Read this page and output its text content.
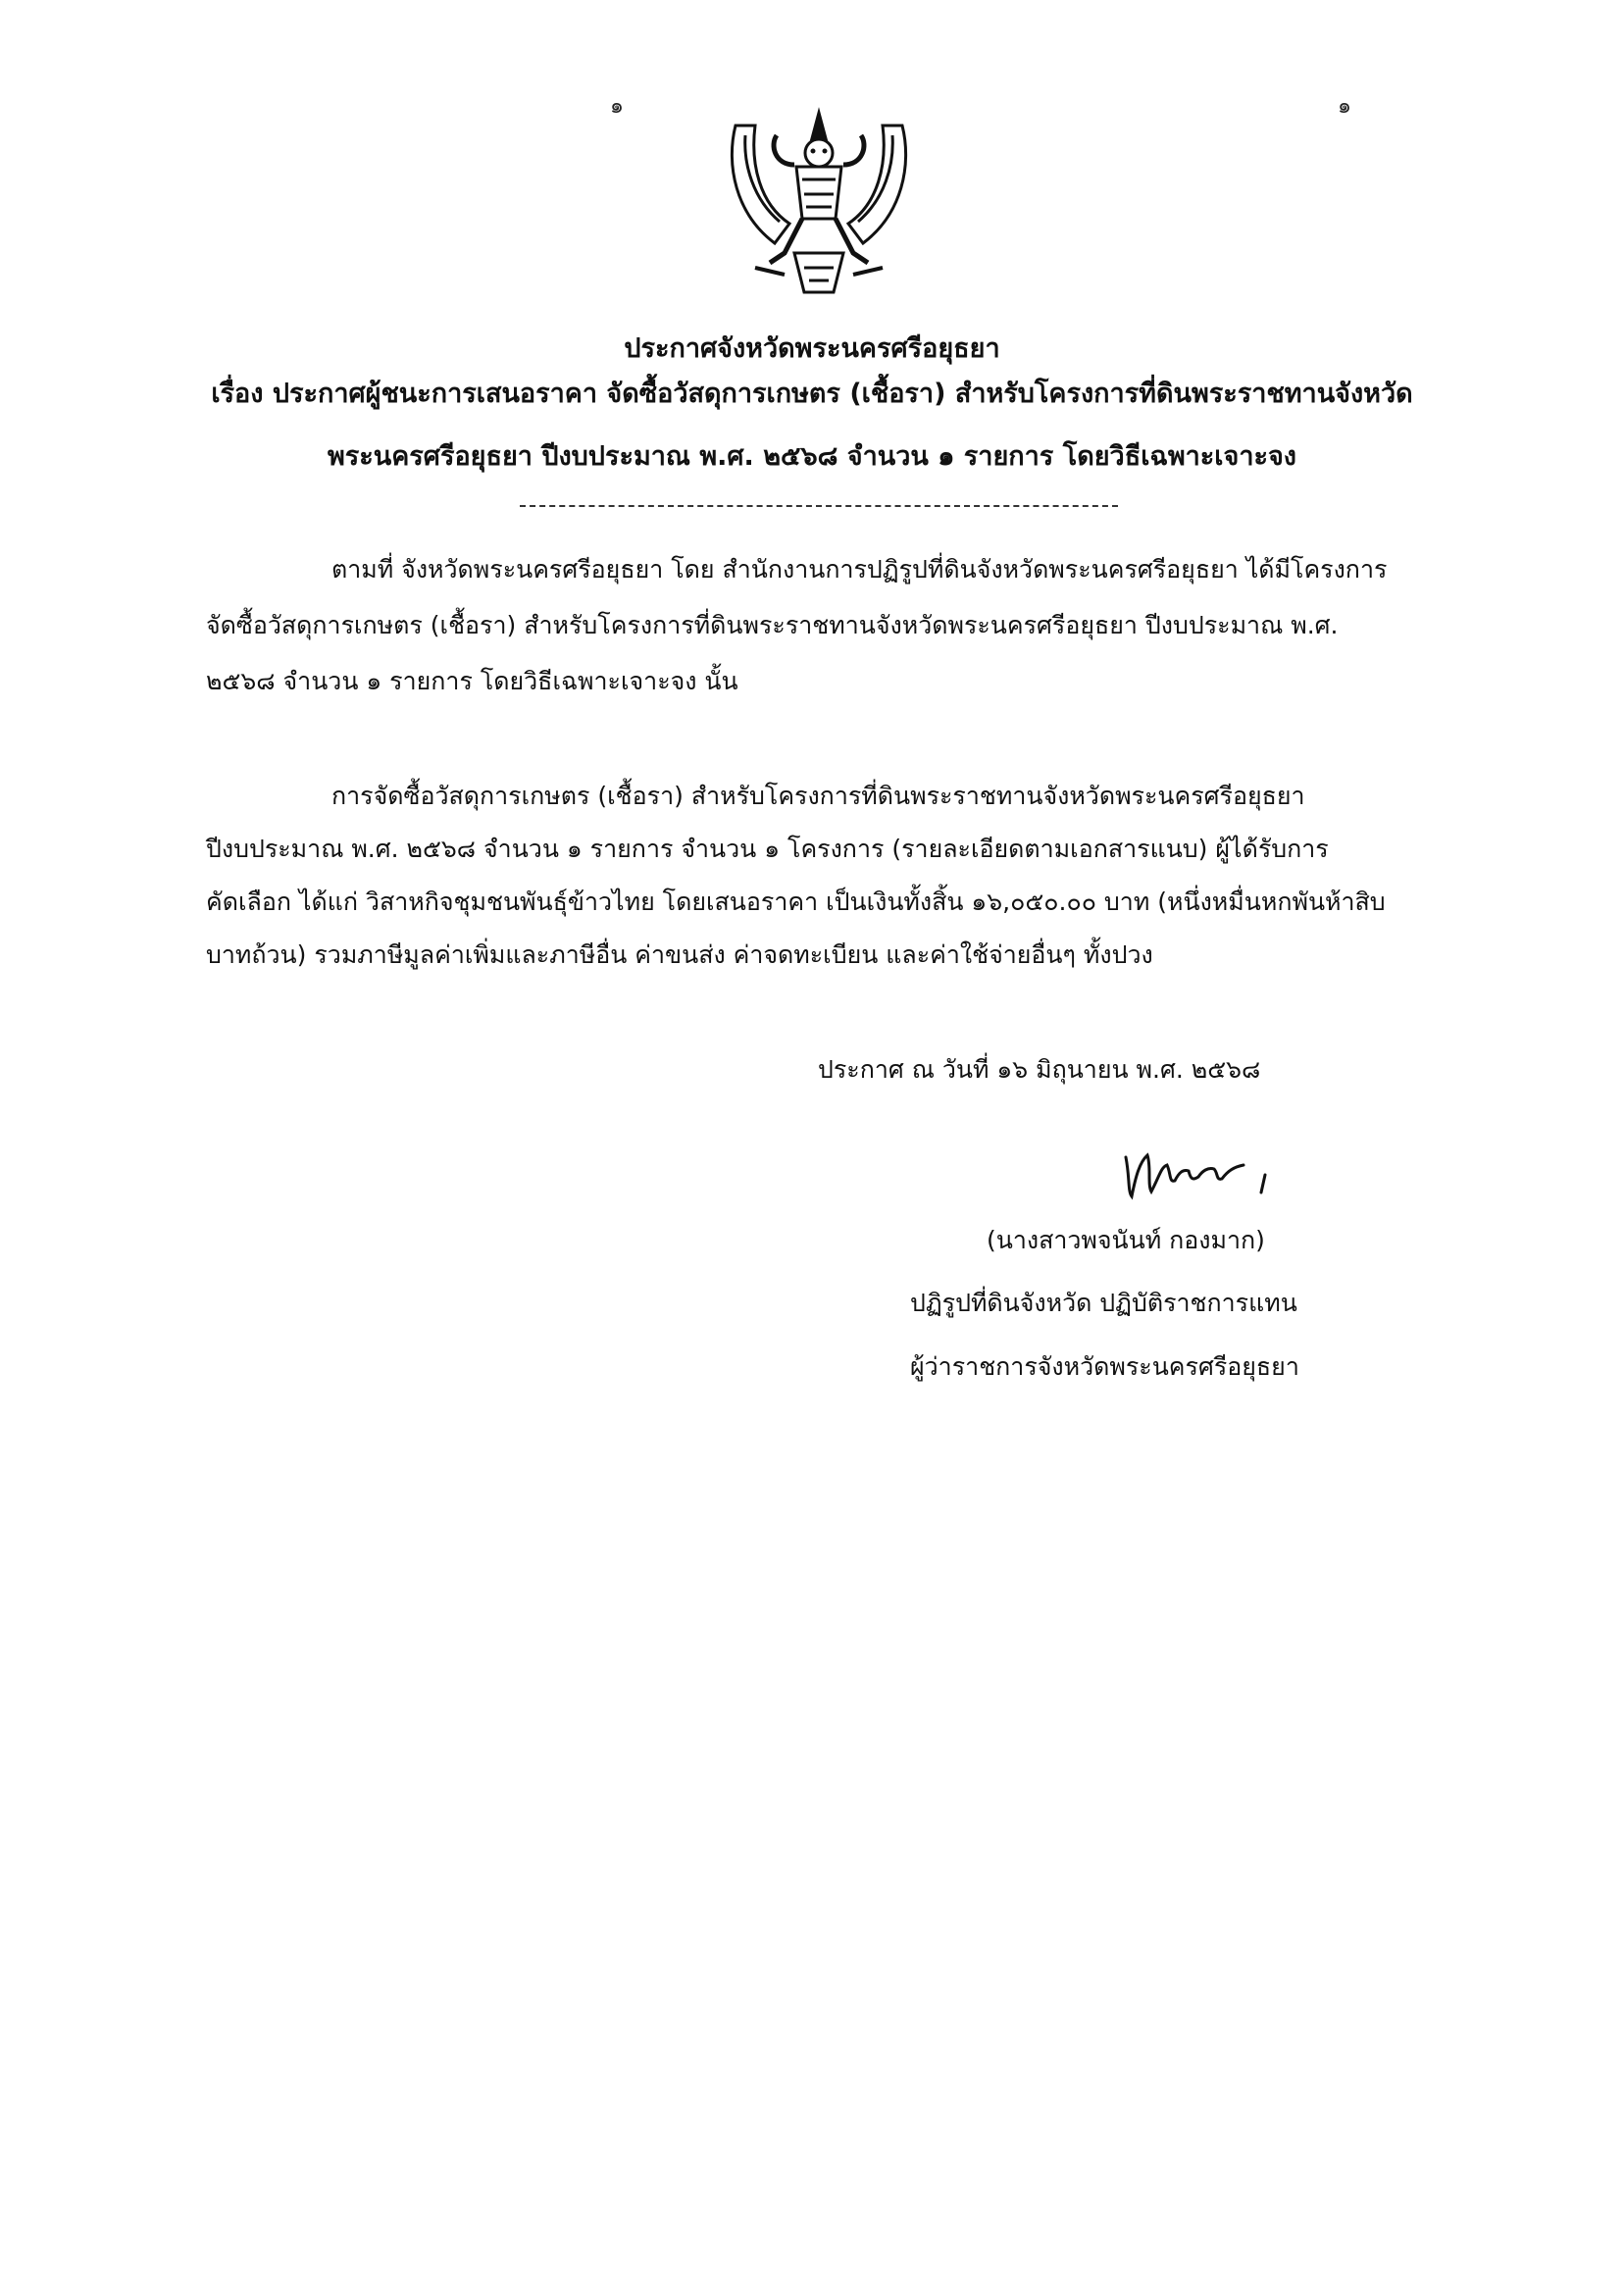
๑	๑
ประกาศจังหวัดพระนครศรีอยุธยา
เรื่อง ประกาศผู้ชนะการเสนอราคา จัดซื้อวัสดุการเกษตร (เชื้อรา) สำหรับโครงการที่ดินพระราชทานจังหวัด
พระนครศรีอยุธยา ปีงบประมาณ พ.ศ. ๒๕๖๘ จำนวน ๑ รายการ โดยวิธีเฉพาะเจาะจง
ตามที่ จังหวัดพระนครศรีอยุธยา โดย สำนักงานการปฏิรูปที่ดินจังหวัดพระนครศรีอยุธยา ได้มีโครงการ
จัดซื้อวัสดุการเกษตร (เชื้อรา) สำหรับโครงการที่ดินพระราชทานจังหวัดพระนครศรีอยุธยา ปีงบประมาณ พ.ศ.
๒๕๖๘ จำนวน ๑ รายการ โดยวิธีเฉพาะเจาะจง นั้น
การจัดซื้อวัสดุการเกษตร (เชื้อรา) สำหรับโครงการที่ดินพระราชทานจังหวัดพระนครศรีอยุธยา
ปีงบประมาณ พ.ศ. ๒๕๖๘ จำนวน ๑ รายการ จำนวน ๑ โครงการ (รายละเอียดตามเอกสารแนบ) ผู้ได้รับการ
คัดเลือก ได้แก่ วิสาหกิจชุมชนพันธุ์ข้าวไทย โดยเสนอราคา เป็นเงินทั้งสิ้น ๑๖,๐๕๐.๐๐ บาท (หนึ่งหมื่นหกพันห้าสิบ
บาทถ้วน) รวมภาษีมูลค่าเพิ่มและภาษีอื่น ค่าขนส่ง ค่าจดทะเบียน และค่าใช้จ่ายอื่นๆ ทั้งปวง
ประกาศ ณ วันที่ ๑๖ มิถุนายน พ.ศ. ๒๕๖๘
(นางสาวพจนันท์ กองมาก)
ปฏิรูปที่ดินจังหวัด ปฏิบัติราชการแทน
ผู้ว่าราชการจังหวัดพระนครศรีอยุธยา
